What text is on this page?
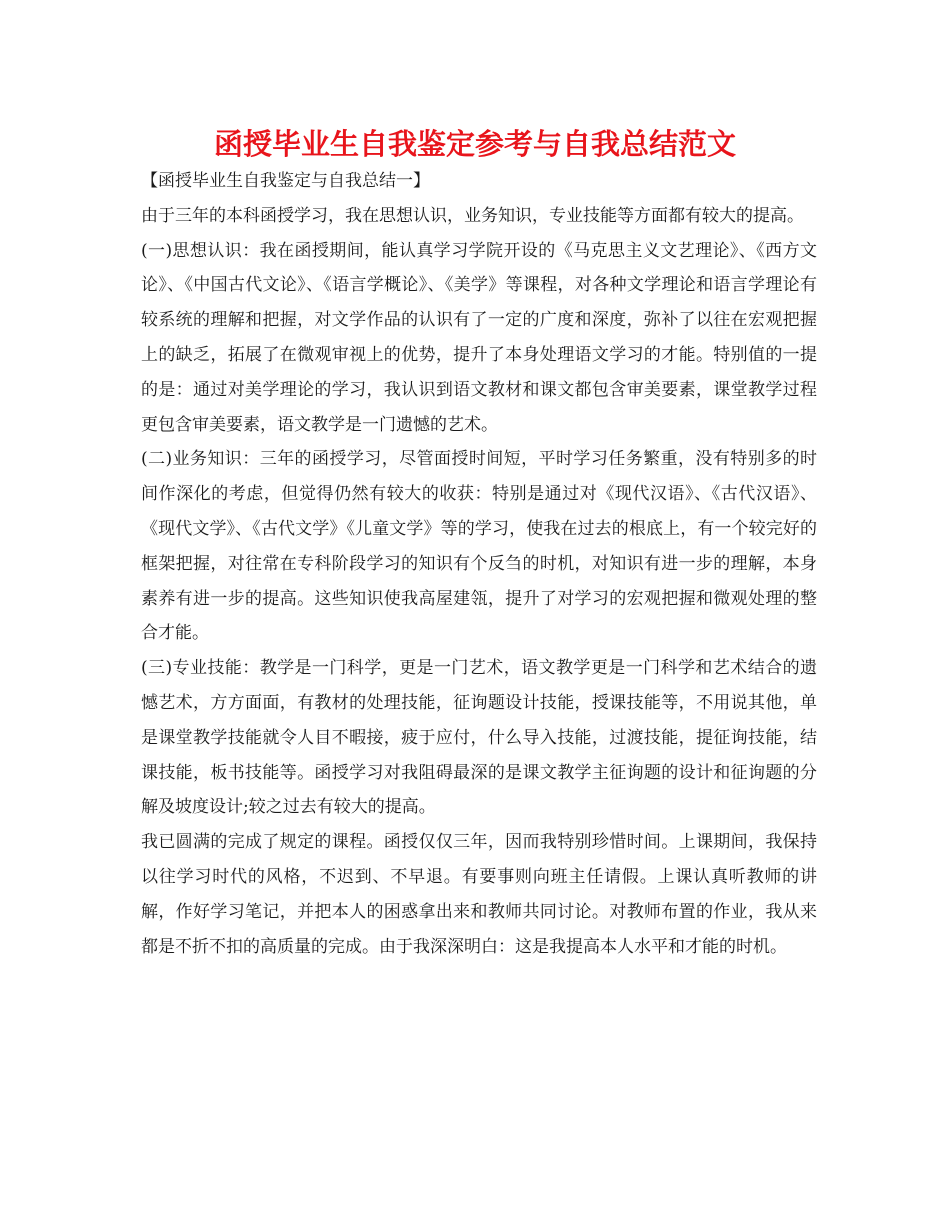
函授毕业生自我鉴定参考与自我总结范文
【函授毕业生自我鉴定与自我总结一】

由于三年的本科函授学习，我在思想认识，业务知识，专业技能等方面都有较大的提高。

(一)思想认识：我在函授期间，能认真学习学院开设的《马克思主义文艺理论》、《西方文论》、《中国古代文论》、《语言学概论》、《美学》等课程，对各种文学理论和语言学理论有较系统的理解和把握，对文学作品的认识有了一定的广度和深度，弥补了以往在宏观把握上的缺乏，拓展了在微观审视上的优势，提升了本身处理语文学习的才能。特别值的一提的是：通过对美学理论的学习，我认识到语文教材和课文都包含审美要素，课堂教学过程更包含审美要素，语文教学是一门遗憾的艺术。

(二)业务知识：三年的函授学习，尽管面授时间短，平时学习任务繁重，没有特别多的时间作深化的考虑，但觉得仍然有较大的收获：特别是通过对《现代汉语》、《古代汉语》、《现代文学》、《古代文学》《儿童文学》等的学习，使我在过去的根底上，有一个较完好的框架把握，对往常在专科阶段学习的知识有个反刍的时机，对知识有进一步的理解，本身素养有进一步的提高。这些知识使我高屋建瓴，提升了对学习的宏观把握和微观处理的整合才能。

(三)专业技能：教学是一门科学，更是一门艺术，语文教学更是一门科学和艺术结合的遗憾艺术，方方面面，有教材的处理技能，征询题设计技能，授课技能等，不用说其他，单是课堂教学技能就令人目不暇接，疲于应付，什么导入技能，过渡技能，提征询技能，结课技能，板书技能等。函授学习对我阻碍最深的是课文教学主征询题的设计和征询题的分解及坡度设计;较之过去有较大的提高。

我已圆满的完成了规定的课程。函授仅仅三年，因而我特别珍惜时间。上课期间，我保持以往学习时代的风格，不迟到、不早退。有要事则向班主任请假。上课认真听教师的讲解，作好学习笔记，并把本人的困惑拿出来和教师共同讨论。对教师布置的作业，我从来都是不折不扣的高质量的完成。由于我深深明白：这是我提高本人水平和才能的时机。
